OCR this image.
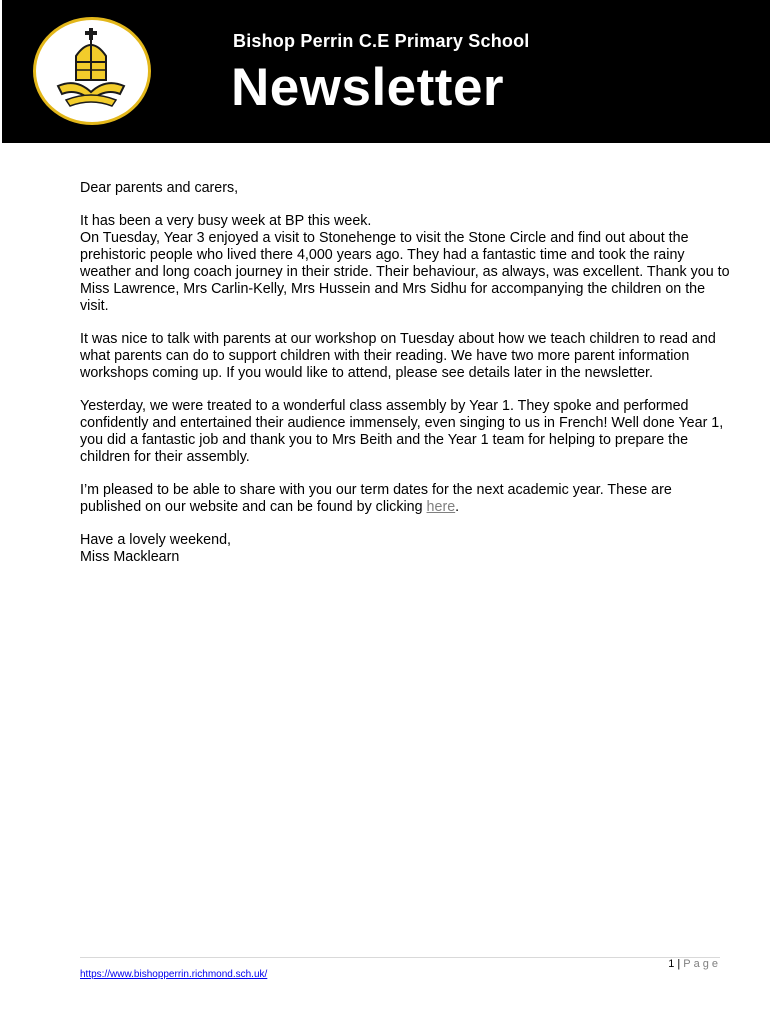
Bishop Perrin C.E Primary School
Newsletter

Dear parents and carers,

It has been a very busy week at BP this week.

On Tuesday, Year 3 enjoyed a visit to Stonehenge to visit the Stone Circle and find out about the prehistoric people who lived there 4,000 years ago. They had a fantastic time and took the rainy weather and long coach journey in their stride. Their behaviour, as always, was excellent. Thank you to Miss Lawrence, Mrs Carlin-Kelly, Mrs Hussein and Mrs Sidhu for accompanying the children on the visit.

It was nice to talk with parents at our workshop on Tuesday about how we teach children to read and what parents can do to support children with their reading. We have two more parent information workshops coming up. If you would like to attend, please see details later in the newsletter.

Yesterday, we were treated to a wonderful class assembly by Year 1. They spoke and performed confidently and entertained their audience immensely, even singing to us in French! Well done Year 1, you did a fantastic job and thank you to Mrs Beith and the Year 1 team for helping to prepare the children for their assembly.

I’m pleased to be able to share with you our term dates for the next academic year. These are published on our website and can be found by clicking here.

Have a lovely weekend,

Miss Macklearn

1 | Page
https://www.bishopperrin.richmond.sch.uk/
